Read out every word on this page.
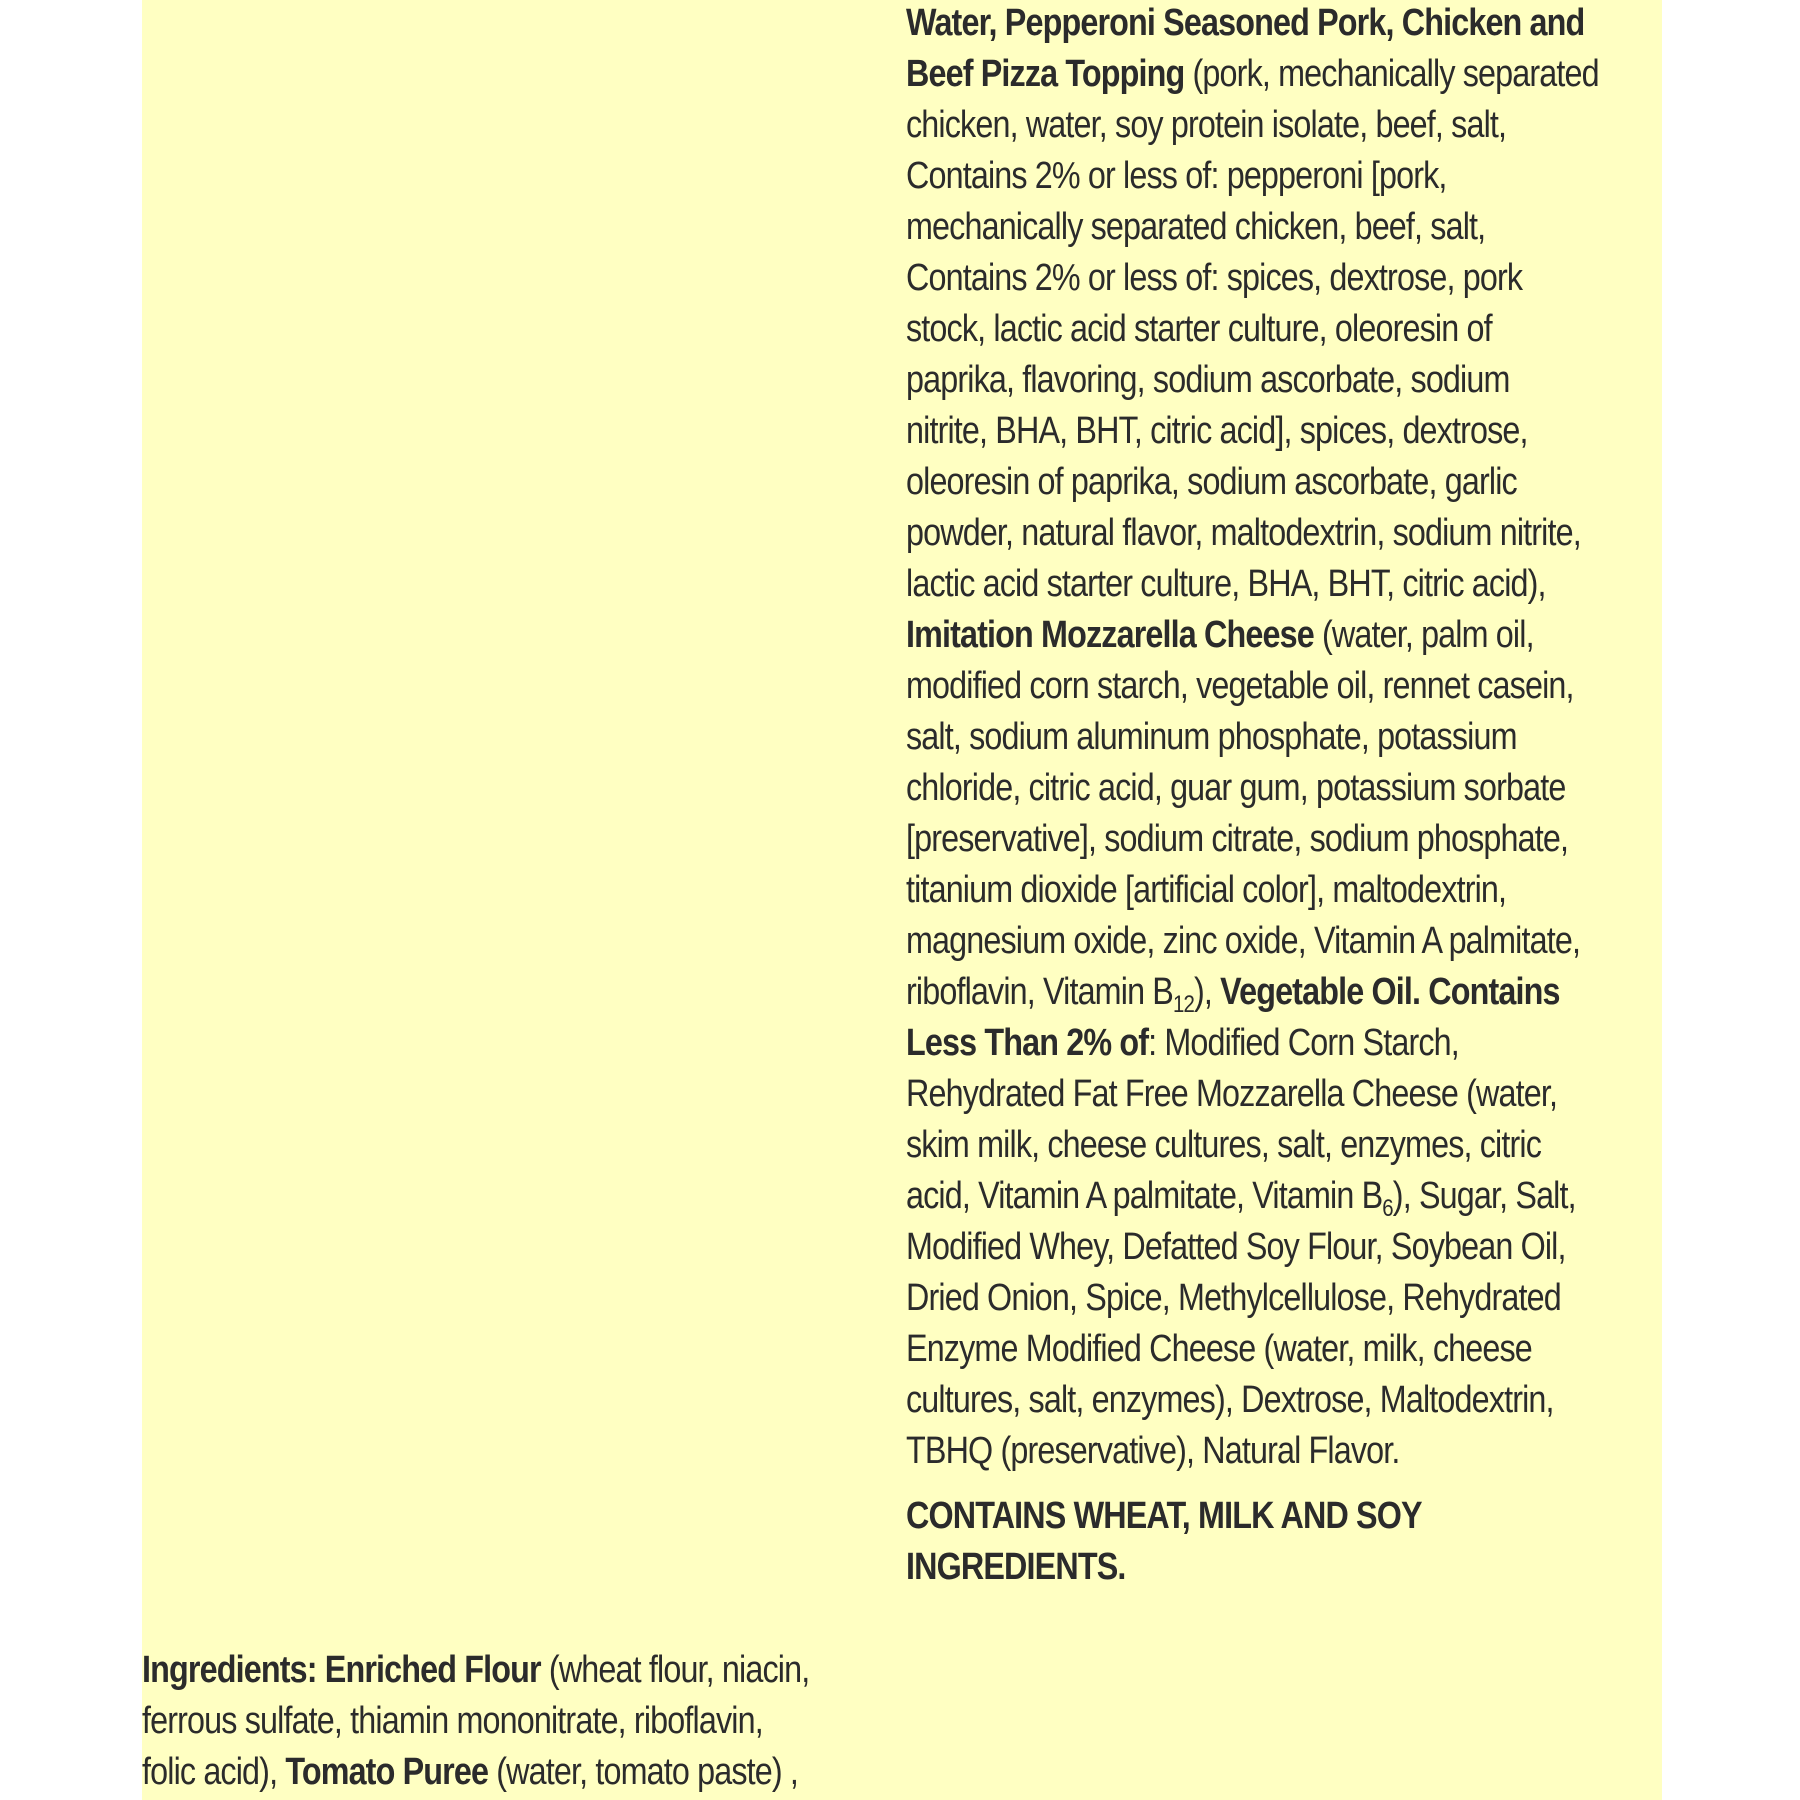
Water, Pepperoni Seasoned Pork, Chicken and
Beef Pizza Topping (pork, mechanically separated
chicken, water, soy protein isolate, beef, salt,
Contains 2% or less of: pepperoni [pork,
mechanically separated chicken, beef, salt,
Contains 2% or less of: spices, dextrose, pork
stock, lactic acid starter culture, oleoresin of
paprika, flavoring, sodium ascorbate, sodium
nitrite, BHA, BHT, citric acid], spices, dextrose,
oleoresin of paprika, sodium ascorbate, garlic
powder, natural flavor, maltodextrin, sodium nitrite,
lactic acid starter culture, BHA, BHT, citric acid),
Imitation Mozzarella Cheese (water, palm oil,
modified corn starch, vegetable oil, rennet casein,
salt, sodium aluminum phosphate, potassium
chloride, citric acid, guar gum, potassium sorbate
[preservative], sodium citrate, sodium phosphate,
titanium dioxide [artificial color], maltodextrin,
magnesium oxide, zinc oxide, Vitamin A palmitate,
riboflavin, Vitamin $B_{12}$), Vegetable Oil. Contains
Less Than 2% of: Modified Corn Starch,
Rehydrated Fat Free Mozzarella Cheese (water,
skim milk, cheese cultures, salt, enzymes, citric
acid, Vitamin A palmitate, Vitamin $B_6$), Sugar, Salt,
Modified Whey, Defatted Soy Flour, Soybean Oil,
Dried Onion, Spice, Methylcellulose, Rehydrated
Enzyme Modified Cheese (water, milk, cheese
cultures, salt, enzymes), Dextrose, Maltodextrin,
TBHQ (preservative), Natural Flavor.
CONTAINS WHEAT, MILK AND SOY
INGREDIENTS.
Ingredients: Enriched Flour (wheat flour, niacin,
ferrous sulfate, thiamin mononitrate, riboflavin,
folic acid), Tomato Puree (water, tomato paste) ,
